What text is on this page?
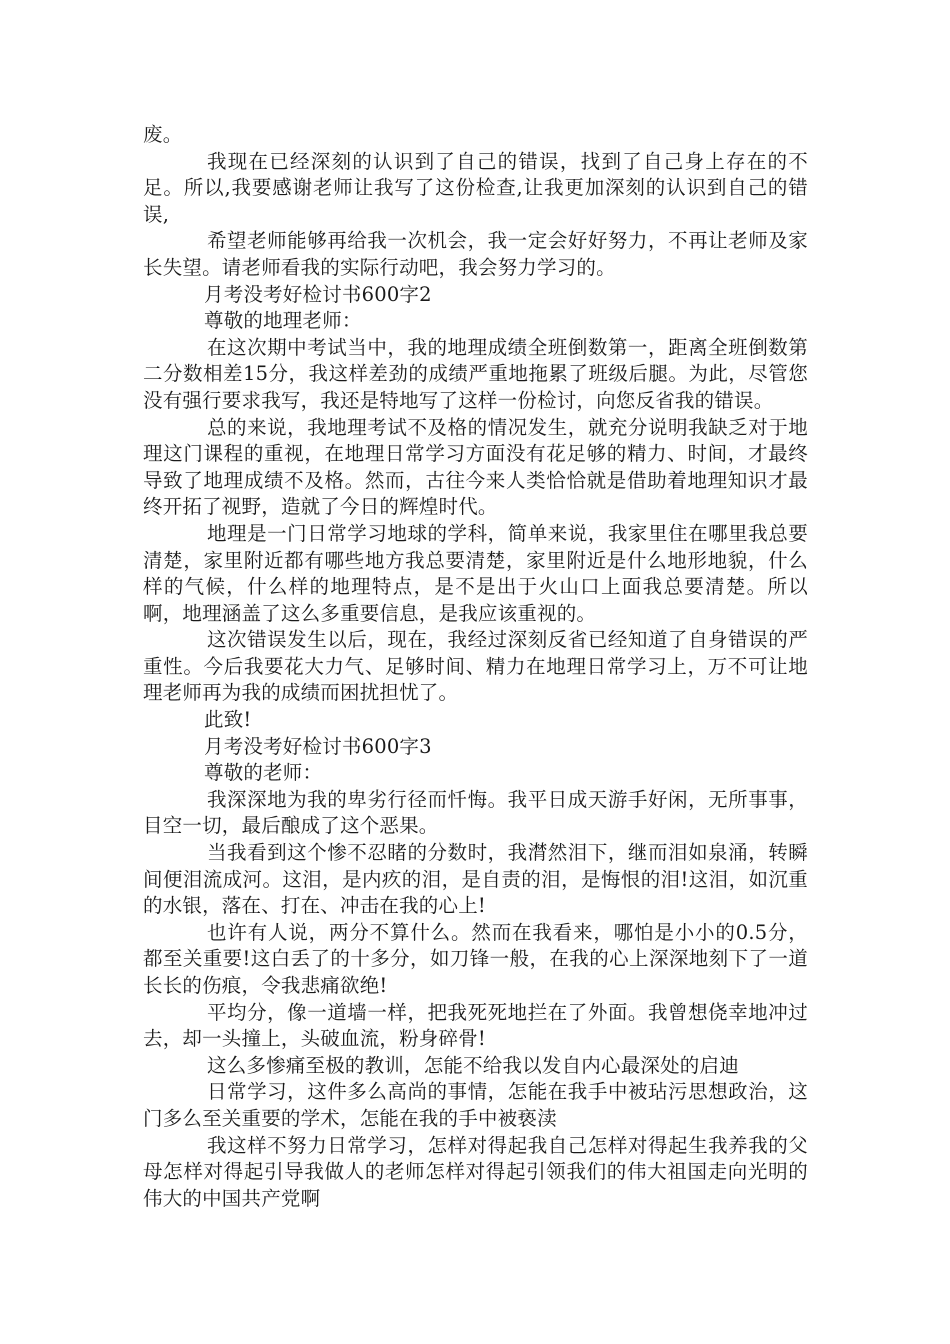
废。

我现在已经深刻的认识到了自己的错误，找到了自己身上存在的不足。所以,我要感谢老师让我写了这份检查,让我更加深刻的认识到自己的错误,

希望老师能够再给我一次机会，我一定会好好努力，不再让老师及家长失望。请老师看我的实际行动吧，我会努力学习的。

月考没考好检讨书600字2

尊敬的地理老师：

在这次期中考试当中，我的地理成绩全班倒数第一，距离全班倒数第二分数相差15分，我这样差劲的成绩严重地拖累了班级后腿。为此，尽管您没有强行要求我写，我还是特地写了这样一份检讨，向您反省我的错误。

总的来说，我地理考试不及格的情况发生，就充分说明我缺乏对于地理这门课程的重视，在地理日常学习方面没有花足够的精力、时间，才最终导致了地理成绩不及格。然而，古往今来人类恰恰就是借助着地理知识才最终开拓了视野，造就了今日的辉煌时代。

地理是一门日常学习地球的学科，简单来说，我家里住在哪里我总要清楚，家里附近都有哪些地方我总要清楚，家里附近是什么地形地貌，什么样的气候，什么样的地理特点，是不是出于火山口上面我总要清楚。所以啊，地理涵盖了这么多重要信息，是我应该重视的。

这次错误发生以后，现在，我经过深刻反省已经知道了自身错误的严重性。今后我要花大力气、足够时间、精力在地理日常学习上，万不可让地理老师再为我的成绩而困扰担忧了。

此致!

月考没考好检讨书600字3

尊敬的老师：

我深深地为我的卑劣行径而忏悔。我平日成天游手好闲，无所事事，目空一切，最后酿成了这个恶果。

当我看到这个惨不忍睹的分数时，我潸然泪下，继而泪如泉涌，转瞬间便泪流成河。这泪，是内疚的泪，是自责的泪，是悔恨的泪!这泪，如沉重的水银，落在、打在、冲击在我的心上!

也许有人说，两分不算什么。然而在我看来，哪怕是小小的0.5分，都至关重要!这白丢了的十多分，如刀锋一般，在我的心上深深地刻下了一道长长的伤痕，令我悲痛欲绝!

平均分，像一道墙一样，把我死死地拦在了外面。我曾想侥幸地冲过去，却一头撞上，头破血流，粉身碎骨!

这么多惨痛至极的教训，怎能不给我以发自内心最深处的启迪

日常学习，这件多么高尚的事情，怎能在我手中被玷污思想政治，这门多么至关重要的学术，怎能在我的手中被亵渎

我这样不努力日常学习，怎样对得起我自己怎样对得起生我养我的父母怎样对得起引导我做人的老师怎样对得起引领我们的伟大祖国走向光明的伟大的中国共产党啊
